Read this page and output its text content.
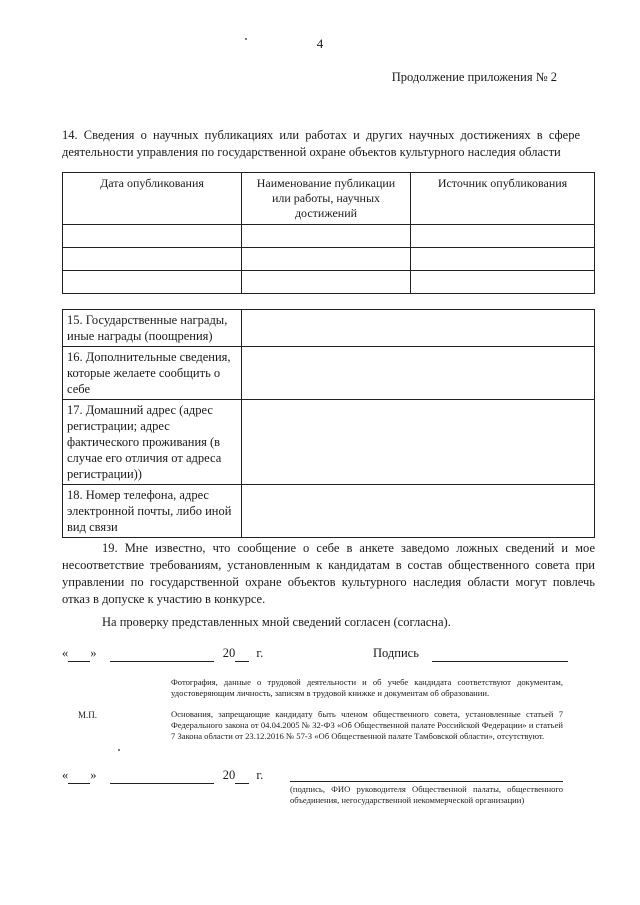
4
Продолжение приложения № 2
14. Сведения о научных публикациях или работах и других научных достижениях в сфере деятельности управления по государственной охране объектов культурного наследия области
Дата опубликования	Наименование публикации или работы, научных достижений	Источник опубликования

15. Государственные награды, иные награды (поощрения)	
16. Дополнительные сведения, которые желаете сообщить о себе	
17. Домашний адрес (адрес регистрации; адрес фактического проживания (в случае его отличия от адреса регистрации))	
18. Номер телефона, адрес электронной почты, либо иной вид связи	
19. Мне известно, что сообщение о себе в анкете заведомо ложных сведений и мое несоответствие требованиям, установленным к кандидатам в состав общественного совета при управлении по государственной охране объектов культурного наследия области могут повлечь отказ в допуске к участию в конкурсе.
На проверку представленных мной сведений согласен (согласна).
« »	20 г.	Подпись
Фотография, данные о трудовой деятельности и об учебе кандидата соответствуют документам, удостоверяющим личность, записям в трудовой книжке и документам об образовании.
М.П.	Основания, запрещающие кандидату быть членом общественного совета, установленные статьей 7 Федерального закона от 04.04.2005 № 32-ФЗ «Об Общественной палате Российской Федерации» и статьей 7 Закона области от 23.12.2016 № 57-З «Об Общественной палате Тамбовской области», отсутствуют.
« »	20 г.
(подпись, ФИО руководителя Общественной палаты, общественного объединения, негосударственной некоммерческой организации)
